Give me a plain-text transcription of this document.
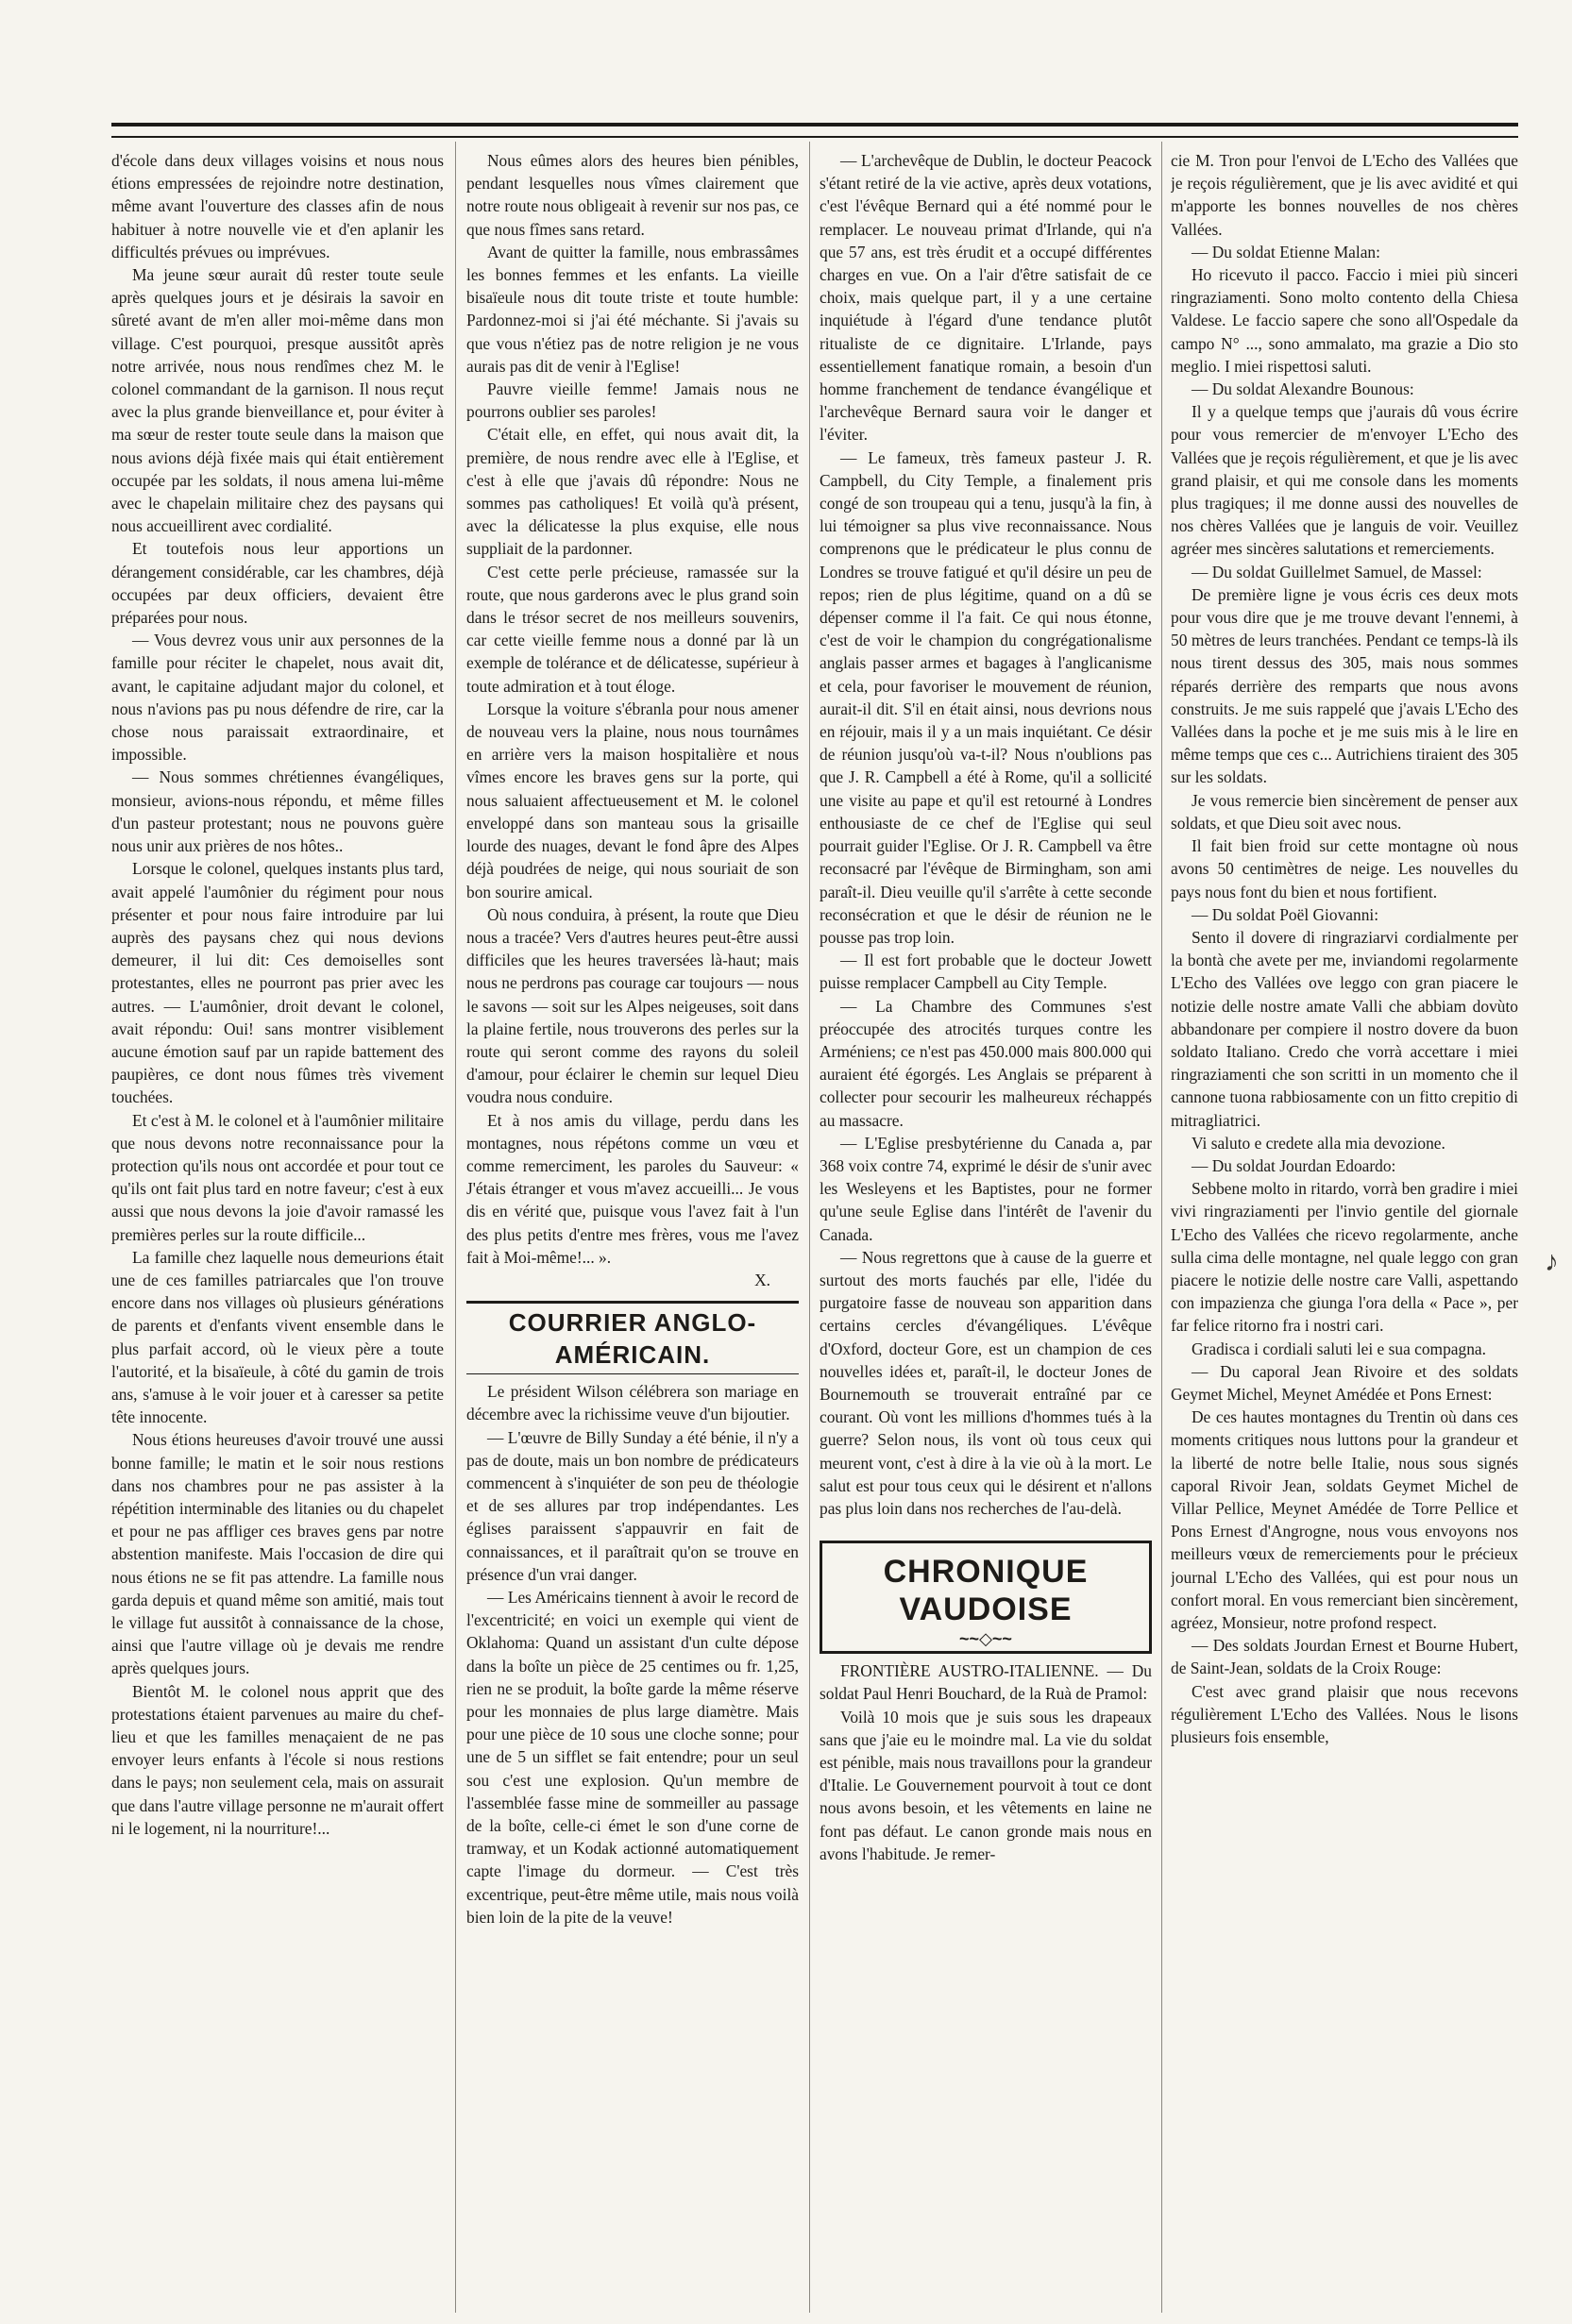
d'école dans deux villages voisins et nous nous étions empressées de rejoindre notre destination, même avant l'ouverture des classes afin de nous habituer à notre nouvelle vie et d'en aplanir les difficultés prévues ou imprévues.

Ma jeune sœur aurait dû rester toute seule après quelques jours et je désirais la savoir en sûreté avant de m'en aller moi-même dans mon village. C'est pourquoi, presque aussitôt après notre arrivée, nous nous rendîmes chez M. le colonel commandant de la garnison. Il nous reçut avec la plus grande bienveillance et, pour éviter à ma sœur de rester toute seule dans la maison que nous avions déjà fixée mais qui était entièrement occupée par les soldats, il nous amena lui-même avec le chapelain militaire chez des paysans qui nous accueillirent avec cordialité.

Et toutefois nous leur apportions un dérangement considérable, car les chambres, déjà occupées par deux officiers, devaient être préparées pour nous.

— Vous devrez vous unir aux personnes de la famille pour réciter le chapelet, nous avait dit, avant, le capitaine adjudant major du colonel, et nous n'avions pas pu nous défendre de rire, car la chose nous paraissait extraordinaire, et impossible.

— Nous sommes chrétiennes évangéliques, monsieur, avions-nous répondu, et même filles d'un pasteur protestant; nous ne pouvons guère nous unir aux prières de nos hôtes..

Lorsque le colonel, quelques instants plus tard, avait appelé l'aumônier du régiment pour nous présenter et pour nous faire introduire par lui auprès des paysans chez qui nous devions demeurer, il lui dit: Ces demoiselles sont protestantes, elles ne pourront pas prier avec les autres. — L'aumônier, droit devant le colonel, avait répondu: Oui! sans montrer visiblement aucune émotion sauf par un rapide battement des paupières, ce dont nous fûmes très vivement touchées.

Et c'est à M. le colonel et à l'aumônier militaire que nous devons notre reconnaissance pour la protection qu'ils nous ont accordée et pour tout ce qu'ils ont fait plus tard en notre faveur; c'est à eux aussi que nous devons la joie d'avoir ramassé les premières perles sur la route difficile...

La famille chez laquelle nous demeurions était une de ces familles patriarcales que l'on trouve encore dans nos villages où plusieurs générations de parents et d'enfants vivent ensemble dans le plus parfait accord, où le vieux père a toute l'autorité, et la bisaïeule, à côté du gamin de trois ans, s'amuse à le voir jouer et à caresser sa petite tête innocente.

Nous étions heureuses d'avoir trouvé une aussi bonne famille; le matin et le soir nous restions dans nos chambres pour ne pas assister à la répétition interminable des litanies ou du chapelet et pour ne pas affliger ces braves gens par notre abstention manifeste. Mais l'occasion de dire qui nous étions ne se fit pas attendre. La famille nous garda depuis et quand même son amitié, mais tout le village fut aussitôt à connaissance de la chose, ainsi que l'autre village où je devais me rendre après quelques jours.

Bientôt M. le colonel nous apprit que des protestations étaient parvenues au maire du chef-lieu et que les familles menaçaient de ne pas envoyer leurs enfants à l'école si nous restions dans le pays; non seulement cela, mais on assurait que dans l'autre village personne ne m'aurait offert ni le logement, ni la nourriture!...

Nous eûmes alors des heures bien pénibles, pendant lesquelles nous vîmes clairement que notre route nous obligeait à revenir sur nos pas, ce que nous fîmes sans retard.

Avant de quitter la famille, nous embrassâmes les bonnes femmes et les enfants. La vieille bisaïeule nous dit toute triste et toute humble: Pardonnez-moi si j'ai été méchante. Si j'avais su que vous n'étiez pas de notre religion je ne vous aurais pas dit de venir à l'Eglise!

Pauvre vieille femme! Jamais nous ne pourrons oublier ses paroles!

C'était elle, en effet, qui nous avait dit, la première, de nous rendre avec elle à l'Eglise, et c'est à elle que j'avais dû répondre: Nous ne sommes pas catholiques! Et voilà qu'à présent, avec la délicatesse la plus exquise, elle nous suppliait de la pardonner.

C'est cette perle précieuse, ramassée sur la route, que nous garderons avec le plus grand soin dans le trésor secret de nos meilleurs souvenirs, car cette vieille femme nous a donné par là un exemple de tolérance et de délicatesse, supérieur à toute admiration et à tout éloge.

Lorsque la voiture s'ébranla pour nous amener de nouveau vers la plaine, nous nous tournâmes en arrière vers la maison hospitalière et nous vîmes encore les braves gens sur la porte, qui nous saluaient affectueusement et M. le colonel enveloppé dans son manteau sous la grisaille lourde des nuages, devant le fond âpre des Alpes déjà poudrées de neige, qui nous souriait de son bon sourire amical.

Où nous conduira, à présent, la route que Dieu nous a tracée? Vers d'autres heures peut-être aussi difficiles que les heures traversées là-haut; mais nous ne perdrons pas courage car toujours — nous le savons — soit sur les Alpes neigeuses, soit dans la plaine fertile, nous trouverons des perles sur la route qui seront comme des rayons du soleil d'amour, pour éclairer le chemin sur lequel Dieu voudra nous conduire.

Et à nos amis du village, perdu dans les montagnes, nous répétons comme un vœu et comme remerciment, les paroles du Sauveur: « J'étais étranger et vous m'avez accueilli... Je vous dis en vérité que, puisque vous l'avez fait à l'un des plus petits d'entre mes frères, vous me l'avez fait à Moi-même!... ».

X.

COURRIER ANGLO-AMÉRICAIN.

Le président Wilson célébrera son mariage en décembre avec la richissime veuve d'un bijoutier.

— L'œuvre de Billy Sunday a été bénie, il n'y a pas de doute, mais un bon nombre de prédicateurs commencent à s'inquiéter de son peu de théologie et de ses allures par trop indépendantes. Les églises paraissent s'appauvrir en fait de connaissances, et il paraîtrait qu'on se trouve en présence d'un vrai danger.

— Les Américains tiennent à avoir le record de l'excentricité; en voici un exemple qui vient de Oklahoma: Quand un assistant d'un culte dépose dans la boîte un pièce de 25 centimes ou fr. 1,25, rien ne se produit, la boîte garde la même réserve pour les monnaies de plus large diamètre. Mais pour une pièce de 10 sous une cloche sonne; pour une de 5 un sifflet se fait entendre; pour un seul sou c'est une explosion. Qu'un membre de l'assemblée fasse mine de sommeiller au passage de la boîte, celle-ci émet le son d'une corne de tramway, et un Kodak actionné automatiquement capte l'image du dormeur. — C'est très excentrique, peut-être même utile, mais nous voilà bien loin de la pite de la veuve!

— L'archevêque de Dublin, le docteur Peacock s'étant retiré de la vie active, après deux votations, c'est l'évêque Bernard qui a été nommé pour le remplacer. Le nouveau primat d'Irlande, qui n'a que 57 ans, est très érudit et a occupé différentes charges en vue. On a l'air d'être satisfait de ce choix, mais quelque part, il y a une certaine inquiétude à l'égard d'une tendance plutôt ritualiste de ce dignitaire. L'Irlande, pays essentiellement fanatique romain, a besoin d'un homme franchement de tendance évangélique et l'archevêque Bernard saura voir le danger et l'éviter.

— Le fameux, très fameux pasteur J. R. Campbell, du City Temple, a finalement pris congé de son troupeau qui a tenu, jusqu'à la fin, à lui témoigner sa plus vive reconnaissance. Nous comprenons que le prédicateur le plus connu de Londres se trouve fatigué et qu'il désire un peu de repos; rien de plus légitime, quand on a dû se dépenser comme il l'a fait. Ce qui nous étonne, c'est de voir le champion du congrégationalisme anglais passer armes et bagages à l'anglicanisme et cela, pour favoriser le mouvement de réunion, aurait-il dit. S'il en était ainsi, nous devrions nous en réjouir, mais il y a un mais inquiétant. Ce désir de réunion jusqu'où va-t-il? Nous n'oublions pas que J. R. Campbell a été à Rome, qu'il a sollicité une visite au pape et qu'il est retourné à Londres enthousiaste de ce chef de l'Eglise qui seul pourrait guider l'Eglise. Or J. R. Campbell va être reconsacré par l'évêque de Birmingham, son ami paraît-il. Dieu veuille qu'il s'arrête à cette seconde reconsécration et que le désir de réunion ne le pousse pas trop loin.

— Il est fort probable que le docteur Jowett puisse remplacer Campbell au City Temple.

— La Chambre des Communes s'est préoccupée des atrocités turques contre les Arméniens; ce n'est pas 450.000 mais 800.000 qui auraient été égorgés. Les Anglais se préparent à collecter pour secourir les malheureux réchappés au massacre.

— L'Eglise presbytérienne du Canada a, par 368 voix contre 74, exprimé le désir de s'unir avec les Wesleyens et les Baptistes, pour ne former qu'une seule Eglise dans l'intérêt de l'avenir du Canada.

— Nous regrettons que à cause de la guerre et surtout des morts fauchés par elle, l'idée du purgatoire fasse de nouveau son apparition dans certains cercles d'évangéliques. L'évêque d'Oxford, docteur Gore, est un champion de ces nouvelles idées et, paraît-il, le docteur Jones de Bournemouth se trouverait entraîné par ce courant. Où vont les millions d'hommes tués à la guerre? Selon nous, ils vont où tous ceux qui meurent vont, c'est à dire à la vie où à la mort. Le salut est pour tous ceux qui le désirent et n'allons pas plus loin dans nos recherches de l'au-delà.

CHRONIQUE VAUDOISE
~~◇~~

FRONTIÈRE AUSTRO-ITALIENNE. — Du soldat Paul Henri Bouchard, de la Ruà de Pramol:

Voilà 10 mois que je suis sous les drapeaux sans que j'aie eu le moindre mal. La vie du soldat est pénible, mais nous travaillons pour la grandeur d'Italie. Le Gouvernement pourvoit à tout ce dont nous avons besoin, et les vêtements en laine ne font pas défaut. Le canon gronde mais nous en avons l'habitude. Je remer-

cie M. Tron pour l'envoi de L'Echo des Vallées que je reçois régulièrement, que je lis avec avidité et qui m'apporte les bonnes nouvelles de nos chères Vallées.

— Du soldat Etienne Malan:

Ho ricevuto il pacco. Faccio i miei più sinceri ringraziamenti. Sono molto contento della Chiesa Valdese. Le faccio sapere che sono all'Ospedale da campo N° ..., sono ammalato, ma grazie a Dio sto meglio. I miei rispettosi saluti.

— Du soldat Alexandre Bounous:

Il y a quelque temps que j'aurais dû vous écrire pour vous remercier de m'envoyer L'Echo des Vallées que je reçois régulièrement, et que je lis avec grand plaisir, et qui me console dans les moments plus tragiques; il me donne aussi des nouvelles de nos chères Vallées que je languis de voir. Veuillez agréer mes sincères salutations et remerciements.

— Du soldat Guillelmet Samuel, de Massel:

De première ligne je vous écris ces deux mots pour vous dire que je me trouve devant l'ennemi, à 50 mètres de leurs tranchées. Pendant ce temps-là ils nous tirent dessus des 305, mais nous sommes réparés derrière des remparts que nous avons construits. Je me suis rappelé que j'avais L'Echo des Vallées dans la poche et je me suis mis à le lire en même temps que ces c... Autrichiens tiraient des 305 sur les soldats.

Je vous remercie bien sincèrement de penser aux soldats, et que Dieu soit avec nous.

Il fait bien froid sur cette montagne où nous avons 50 centimètres de neige. Les nouvelles du pays nous font du bien et nous fortifient.

— Du soldat Poël Giovanni:

Sento il dovere di ringraziarvi cordialmente per la bontà che avete per me, inviandomi regolarmente L'Echo des Vallées ove leggo con gran piacere le notizie delle nostre amate Valli che abbiam dovùto abbandonare per compiere il nostro dovere da buon soldato Italiano. Credo che vorrà accettare i miei ringraziamenti che son scritti in un momento che il cannone tuona rabbiosamente con un fitto crepitio di mitragliatrici.

Vi saluto e credete alla mia devozione.

— Du soldat Jourdan Edoardo:

Sebbene molto in ritardo, vorrà ben gradire i miei vivi ringraziamenti per l'invio gentile del giornale L'Echo des Vallées che ricevo regolarmente, anche sulla cima delle montagne, nel quale leggo con gran piacere le notizie delle nostre care Valli, aspettando con impazienza che giunga l'ora della « Pace », per far felice ritorno fra i nostri cari.

Gradisca i cordiali saluti lei e sua compagna.

— Du caporal Jean Rivoire et des soldats Geymet Michel, Meynet Amédée et Pons Ernest:

De ces hautes montagnes du Trentin où dans ces moments critiques nous luttons pour la grandeur et la liberté de notre belle Italie, nous sous signés caporal Rivoir Jean, soldats Geymet Michel de Villar Pellice, Meynet Amédée de Torre Pellice et Pons Ernest d'Angrogne, nous vous envoyons nos meilleurs vœux de remerciements pour le précieux journal L'Echo des Vallées, qui est pour nous un confort moral. En vous remerciant bien sincèrement, agréez, Monsieur, notre profond respect.

— Des soldats Jourdan Ernest et Bourne Hubert, de Saint-Jean, soldats de la Croix Rouge:

C'est avec grand plaisir que nous recevons régulièrement L'Echo des Vallées. Nous le lisons plusieurs fois ensemble,

♪
